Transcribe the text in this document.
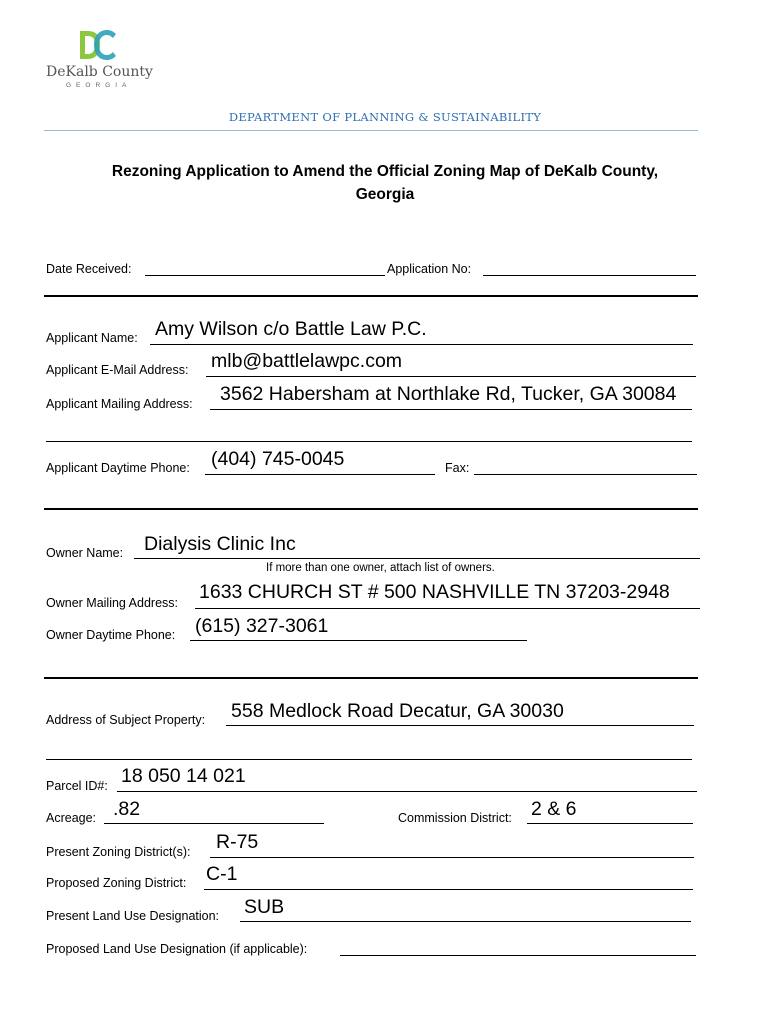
DeKalb County
GEORGIA
DEPARTMENT OF PLANNING & SUSTAINABILITY
Rezoning Application to Amend the Official Zoning Map of DeKalb County, Georgia
Date Received:	Application No:
Applicant Name: Amy Wilson c/o Battle Law P.C.
Applicant E-Mail Address: mlb@battlelawpc.com
Applicant Mailing Address: 3562 Habersham at Northlake Rd, Tucker, GA 30084
Applicant Daytime Phone: (404) 745-0045	Fax:
Owner Name: Dialysis Clinic Inc
If more than one owner, attach list of owners.
Owner Mailing Address: 1633 CHURCH ST # 500 NASHVILLE TN 37203-2948
Owner Daytime Phone: (615) 327-3061
Address of Subject Property: 558 Medlock Road Decatur, GA 30030
Parcel ID#: 18 050 14 021
Acreage: .82	Commission District: 2 & 6
Present Zoning District(s): R-75
Proposed Zoning District: C-1
Present Land Use Designation: SUB
Proposed Land Use Designation (if applicable):
